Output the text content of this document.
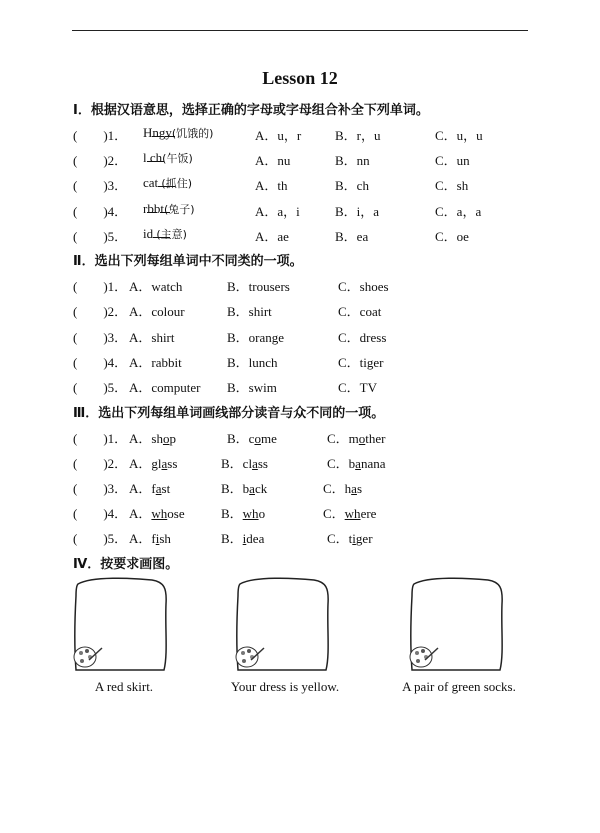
Lesson 12
I．根据汉语意思，选择正确的字母或字母组合补全下列单词。
(　　)1． H
ng
y(饥饿的)	A．u，r	B．r，u	C．u，u
(　　)2． l
ch(午饭)	A．nu	B．nn	C．un
(　　)3． cat
(抓住)	A．th	B．ch	C．sh
(　　)4． r
bb
t(兔子)	A．a，i	B．i，a	C．a，a
(　　)5． id
(主意)	A．ae	B．ea	C．oe
Ⅱ．选出下列每组单词中不同类的一项。
(　　)1． A．watch	B．trousers	C．shoes
(　　)2． A．colour	B．shirt	C．coat
(　　)3． A．shirt	B．orange	C．dress
(　　)4． A．rabbit	B．lunch	C．tiger
(　　)5． A．computer B．swim	C．TV
Ⅲ．选出下列每组单词画线部分读音与众不同的一项。
(　　)1． A．shop	B．come	C．mother
(　　)2． A．glass	B．class	C．banana
(　　)3． A．fast	B．back	C．has
(　　)4． A．whose	B．who	C．where
(　　)5． A．fish	B．idea	C．tiger
Ⅳ．按要求画图。
A red skirt.	Your dress is yellow.	A pair of green socks.
